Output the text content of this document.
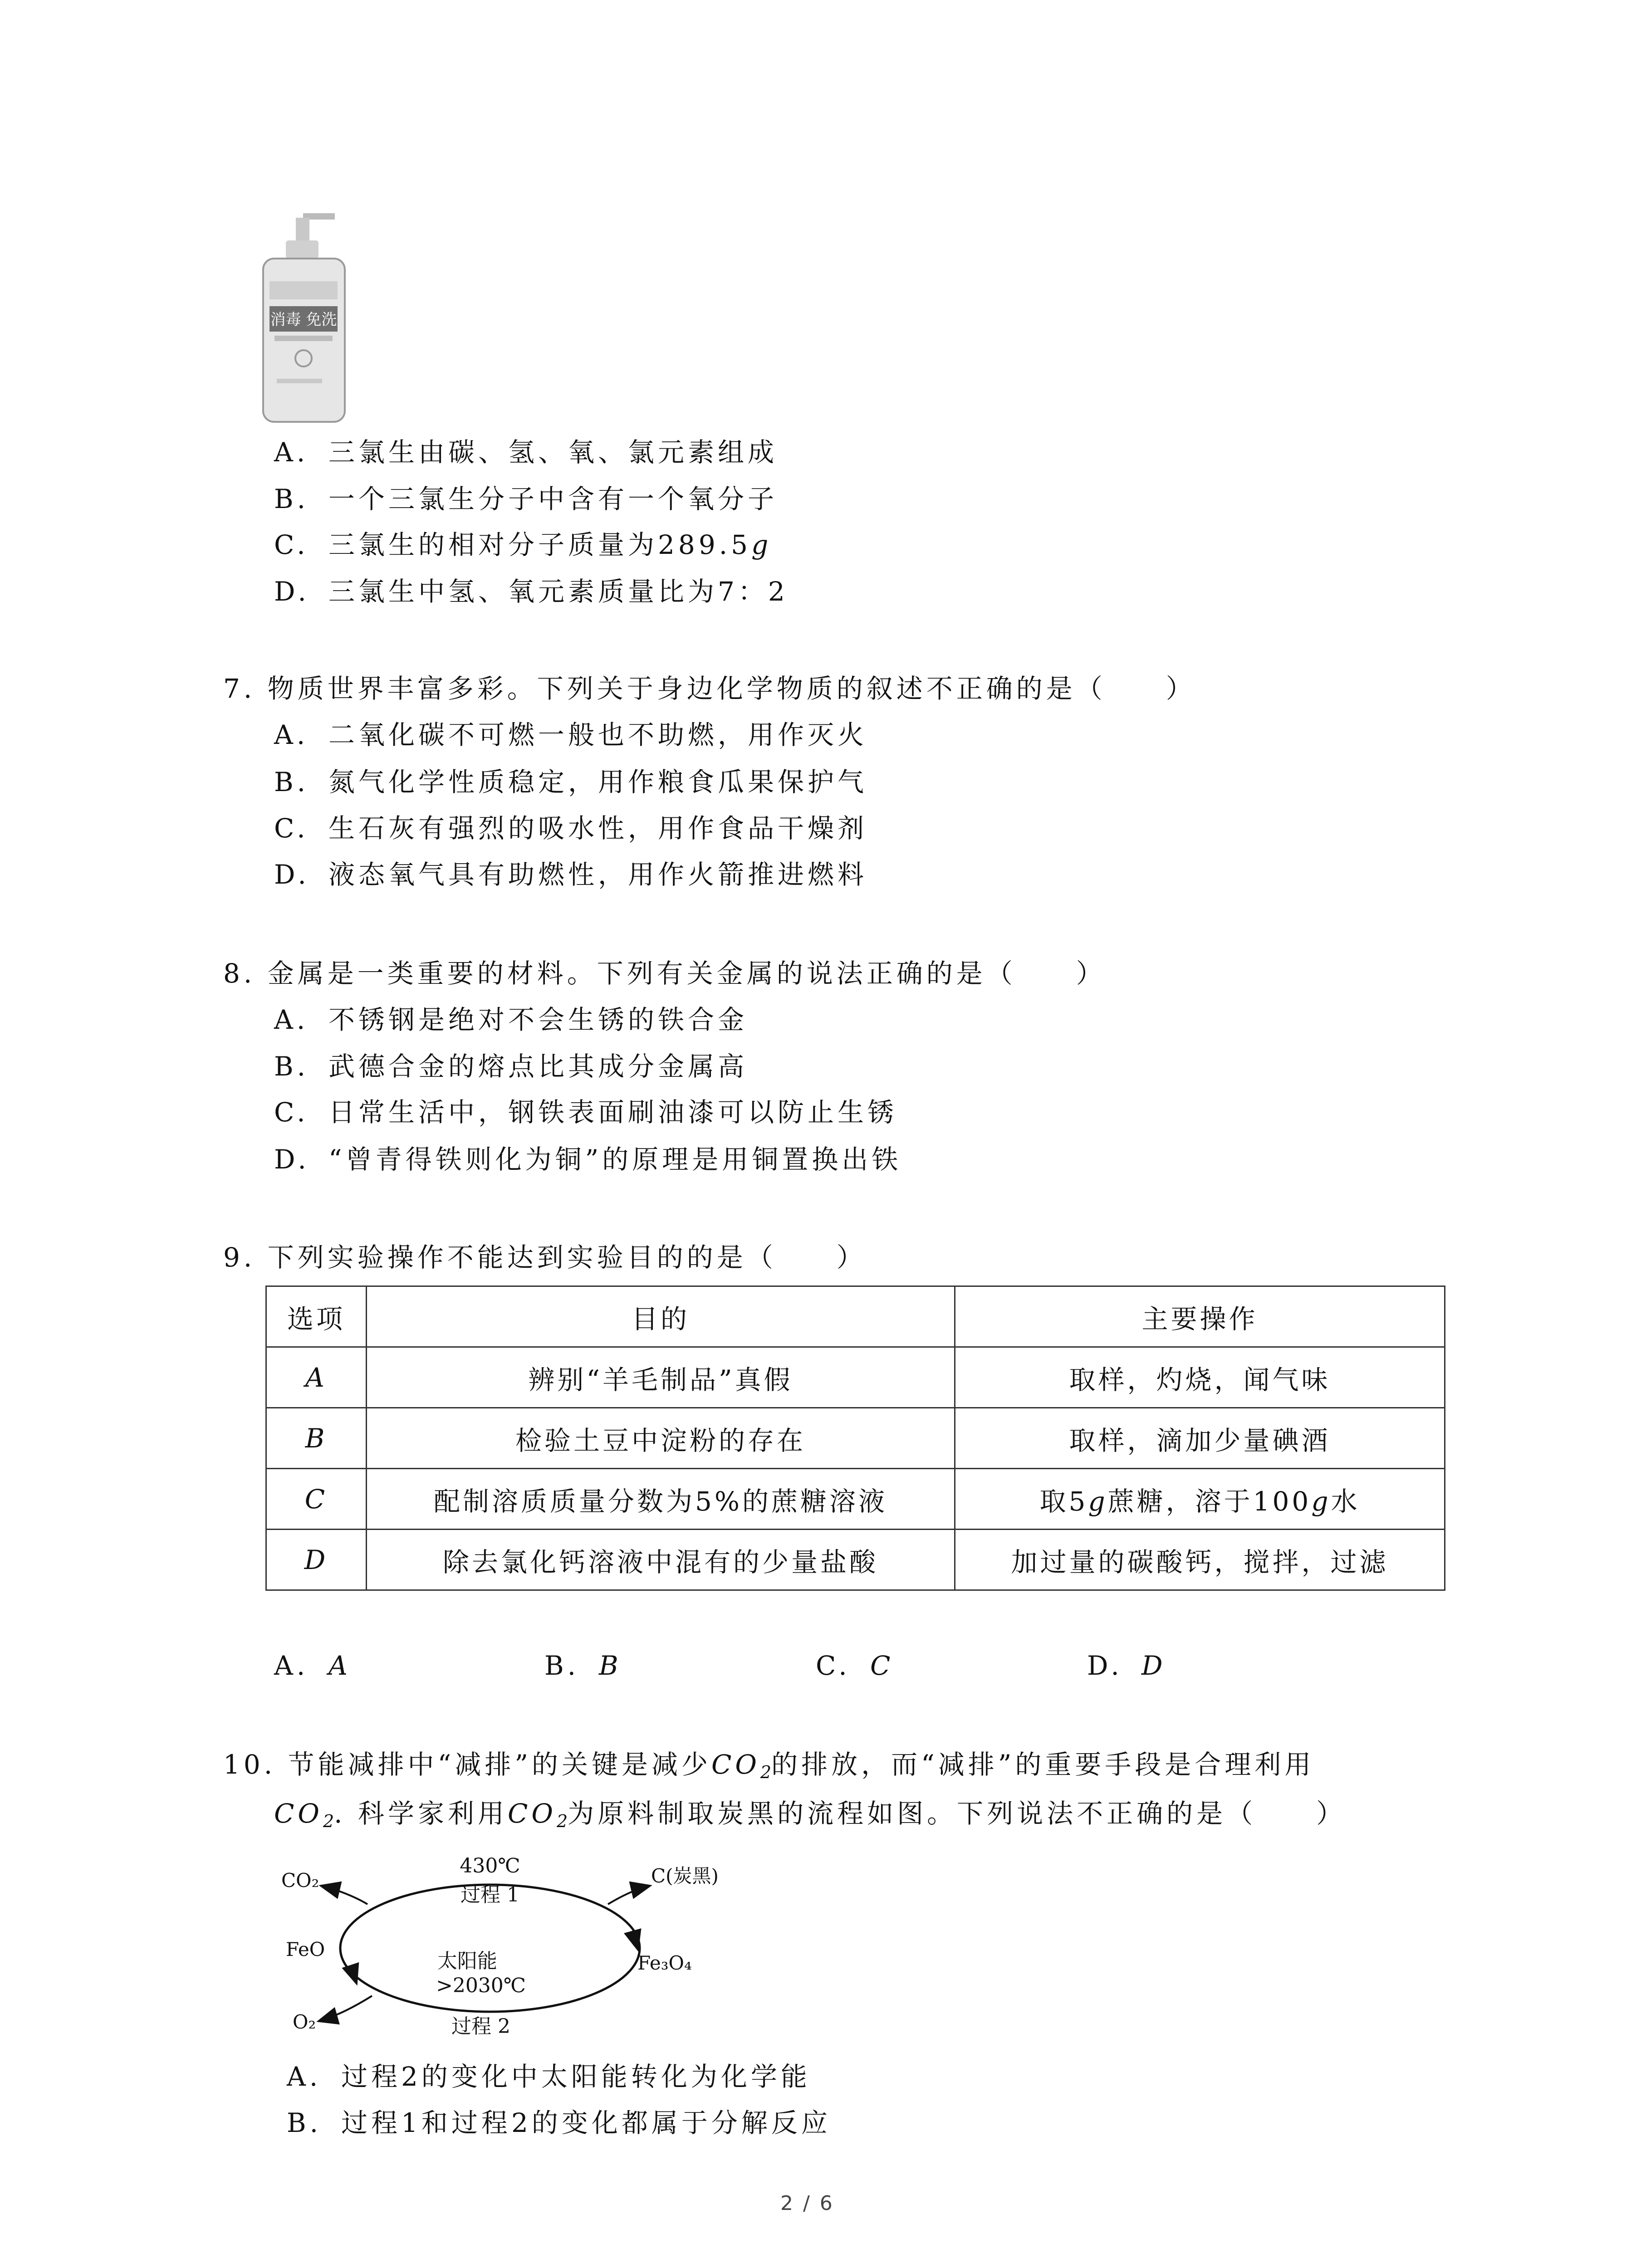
消毒 免洗
A. 三氯生由碳、氢、氧、氯元素组成
B. 一个三氯生分子中含有一个氧分子
C. 三氯生的相对分子质量为289.5g
D. 三氯生中氢、氧元素质量比为7：2
7. 物质世界丰富多彩。下列关于身边化学物质的叙述不正确的是（　　）
A. 二氧化碳不可燃一般也不助燃，用作灭火
B. 氮气化学性质稳定，用作粮食瓜果保护气
C. 生石灰有强烈的吸水性，用作食品干燥剂
D. 液态氧气具有助燃性，用作火箭推进燃料
8. 金属是一类重要的材料。下列有关金属的说法正确的是（　　）
A. 不锈钢是绝对不会生锈的铁合金
B. 武德合金的熔点比其成分金属高
C. 日常生活中，钢铁表面刷油漆可以防止生锈
D. “曾青得铁则化为铜”的原理是用铜置换出铁
9. 下列实验操作不能达到实验目的的是（　　）
选项	目的	主要操作
A	辨别“羊毛制品”真假	取样，灼烧，闻气味
B	检验土豆中淀粉的存在	取样，滴加少量碘酒
C	配制溶质质量分数为5%的蔗糖溶液	取5g蔗糖，溶于100g水
D	除去氯化钙溶液中混有的少量盐酸	加过量的碳酸钙，搅拌，过滤
A. A	B. B	C. C	D. D
10. 节能减排中“减排”的关键是减少$CO_2$的排放，而“减排”的重要手段是合理利用
$CO_2$. 科学家利用$CO_2$为原料制取炭黑的流程如图。下列说法不正确的是（　　）
430℃
过程 1
CO₂	C(炭黑)
FeO
Fe₃O₄
太阳能
>2030℃
O₂	过程 2
A. 过程2的变化中太阳能转化为化学能
B. 过程1和过程2的变化都属于分解反应
2 / 6
